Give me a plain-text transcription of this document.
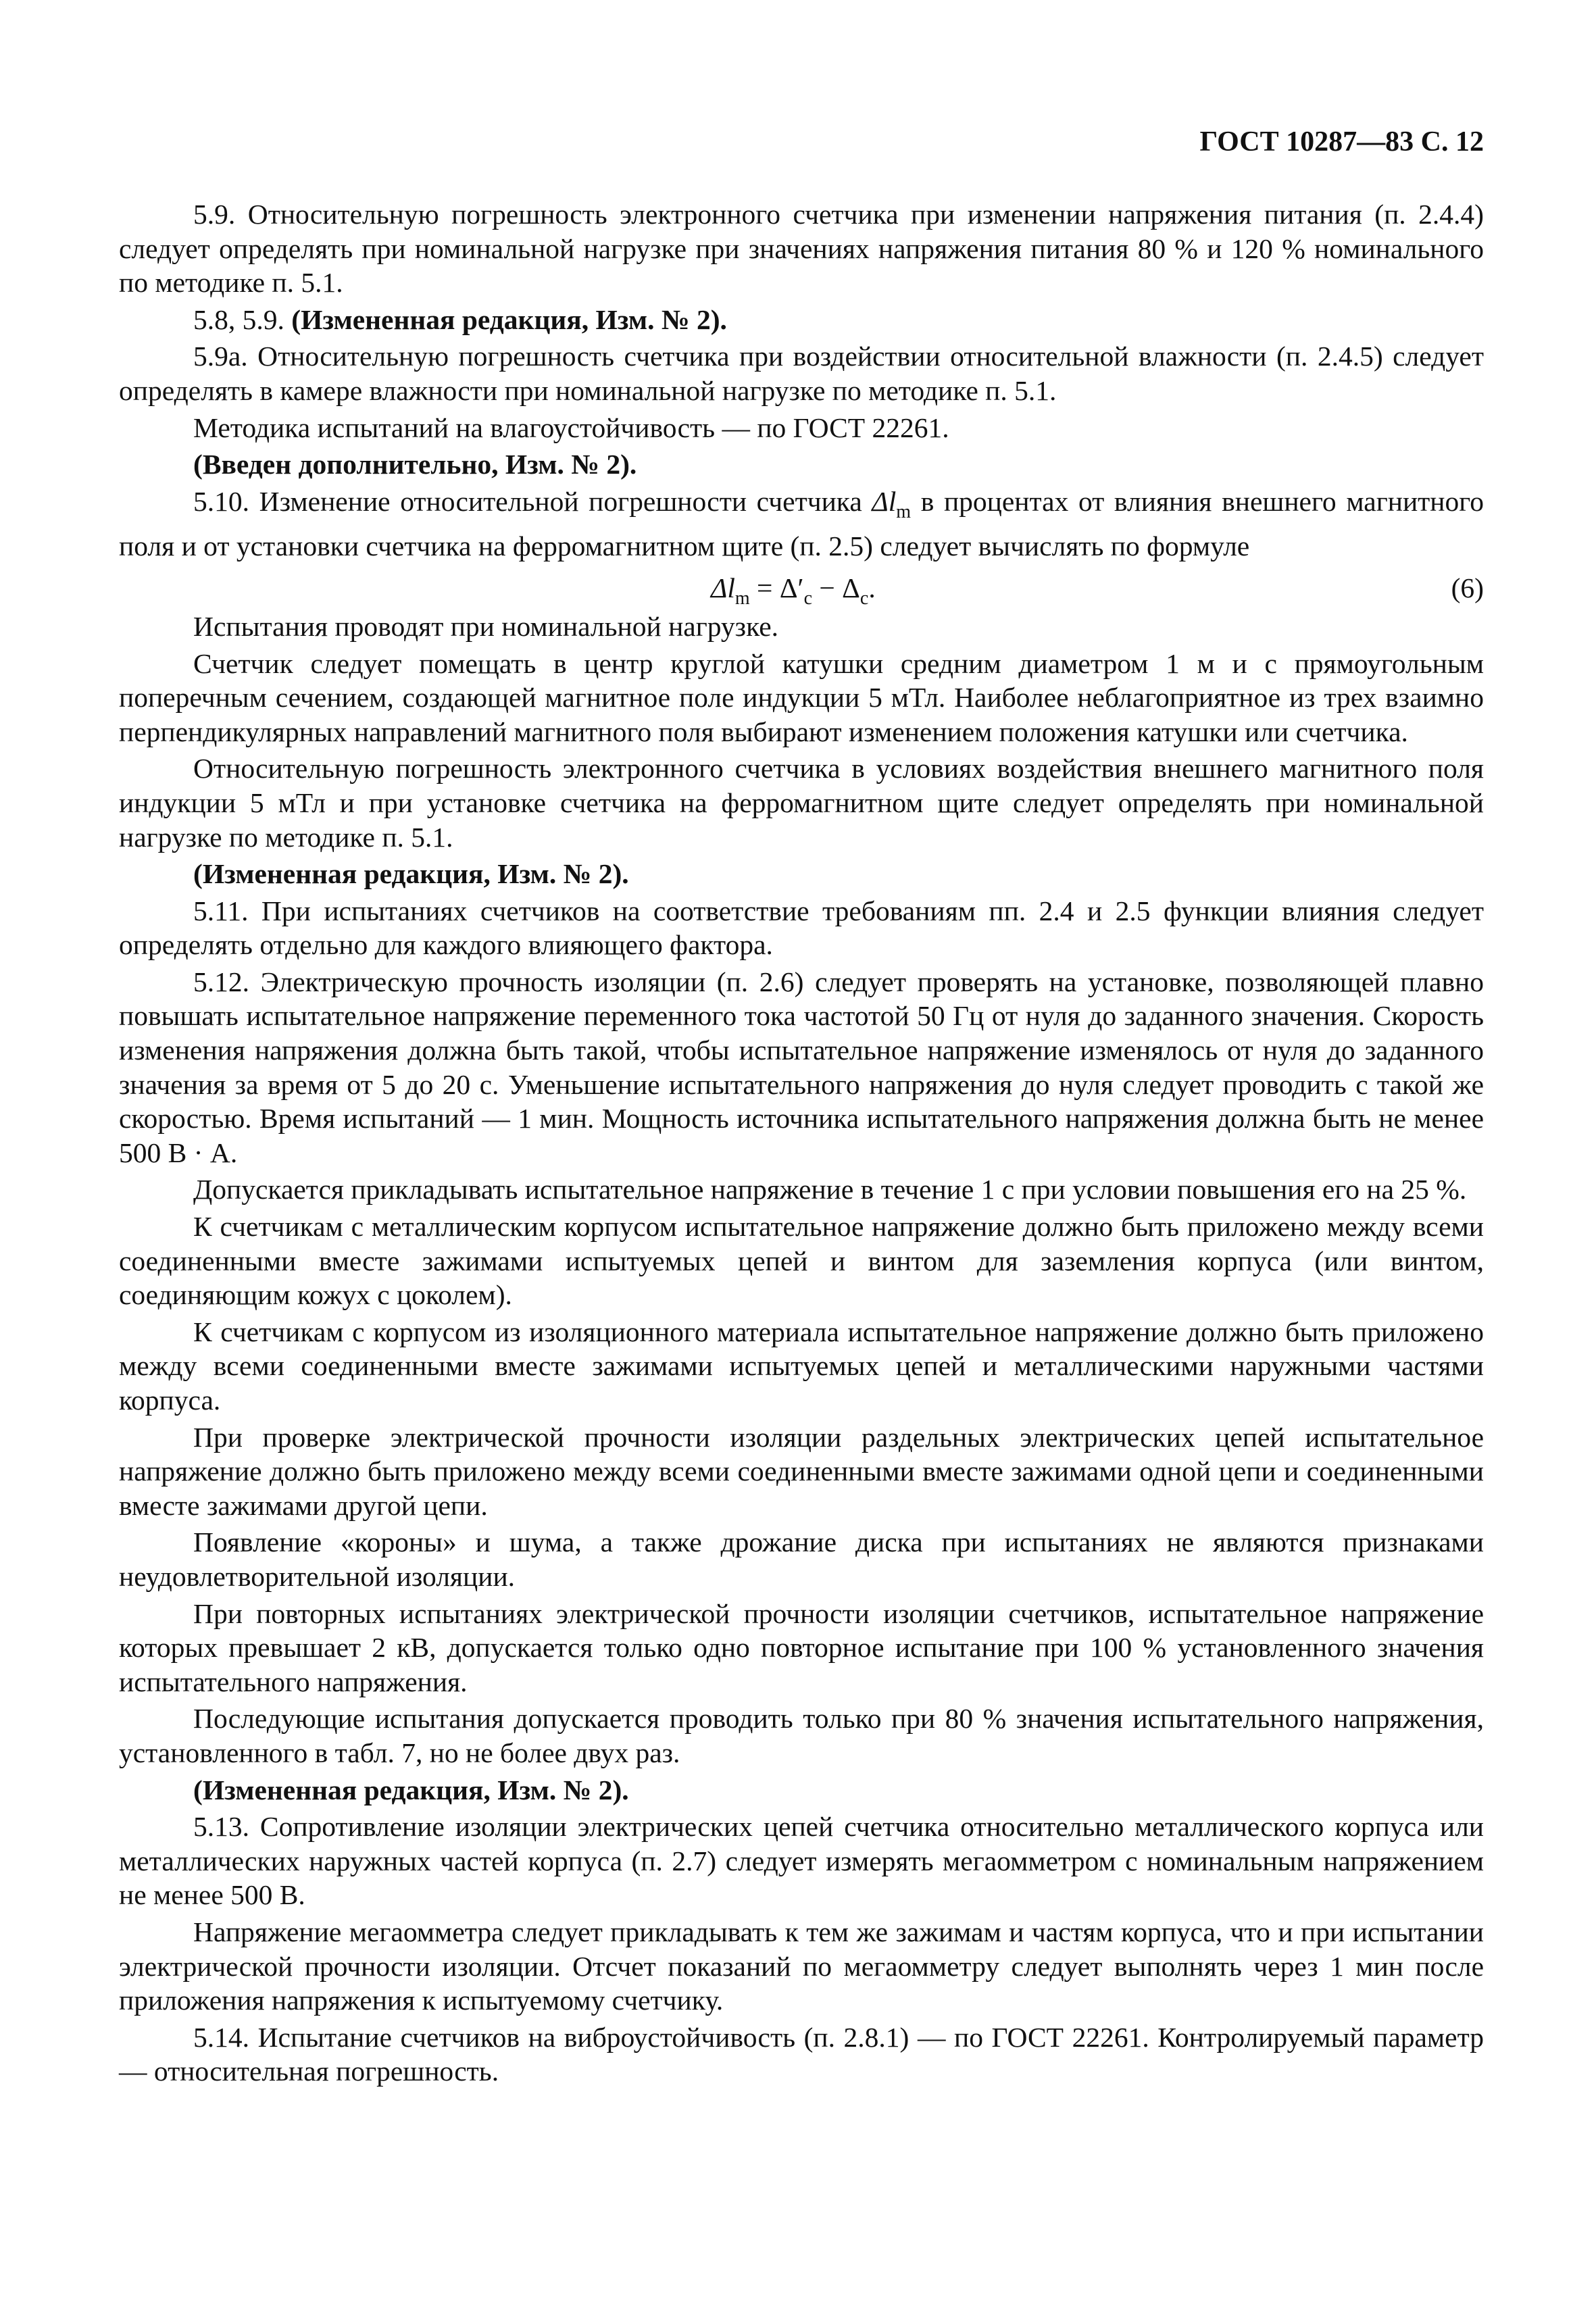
ГОСТ 10287—83 С. 12

5.9. Относительную погрешность электронного счетчика при изменении напряжения питания (п. 2.4.4) следует определять при номинальной нагрузке при значениях напряжения питания 80 % и 120 % номинального по методике п. 5.1.

5.8, 5.9. (Измененная редакция, Изм. № 2).

5.9а. Относительную погрешность счетчика при воздействии относительной влажности (п. 2.4.5) следует определять в камере влажности при номинальной нагрузке по методике п. 5.1.

Методика испытаний на влагоустойчивость — по ГОСТ 22261.

(Введен дополнительно, Изм. № 2).

5.10. Изменение относительной погрешности счетчика $\Delta l_m$ в процентах от влияния внешнего магнитного поля и от установки счетчика на ферромагнитном щите (п. 2.5) следует вычислять по формуле

$\Delta l_m = \Delta'_c - \Delta_c$.	(6)

Испытания проводят при номинальной нагрузке.

Счетчик следует помещать в центр круглой катушки средним диаметром 1 м и с прямоугольным поперечным сечением, создающей магнитное поле индукции 5 мТл. Наиболее неблагоприятное из трех взаимно перпендикулярных направлений магнитного поля выбирают изменением положения катушки или счетчика.

Относительную погрешность электронного счетчика в условиях воздействия внешнего магнитного поля индукции 5 мТл и при установке счетчика на ферромагнитном щите следует определять при номинальной нагрузке по методике п. 5.1.

(Измененная редакция, Изм. № 2).

5.11. При испытаниях счетчиков на соответствие требованиям пп. 2.4 и 2.5 функции влияния следует определять отдельно для каждого влияющего фактора.

5.12. Электрическую прочность изоляции (п. 2.6) следует проверять на установке, позволяющей плавно повышать испытательное напряжение переменного тока частотой 50 Гц от нуля до заданного значения. Скорость изменения напряжения должна быть такой, чтобы испытательное напряжение изменялось от нуля до заданного значения за время от 5 до 20 с. Уменьшение испытательного напряжения до нуля следует проводить с такой же скоростью. Время испытаний — 1 мин. Мощность источника испытательного напряжения должна быть не менее 500 В · А.

Допускается прикладывать испытательное напряжение в течение 1 с при условии повышения его на 25 %.

К счетчикам с металлическим корпусом испытательное напряжение должно быть приложено между всеми соединенными вместе зажимами испытуемых цепей и винтом для заземления корпуса (или винтом, соединяющим кожух с цоколем).

К счетчикам с корпусом из изоляционного материала испытательное напряжение должно быть приложено между всеми соединенными вместе зажимами испытуемых цепей и металлическими наружными частями корпуса.

При проверке электрической прочности изоляции раздельных электрических цепей испытательное напряжение должно быть приложено между всеми соединенными вместе зажимами одной цепи и соединенными вместе зажимами другой цепи.

Появление «короны» и шума, а также дрожание диска при испытаниях не являются признаками неудовлетворительной изоляции.

При повторных испытаниях электрической прочности изоляции счетчиков, испытательное напряжение которых превышает 2 кВ, допускается только одно повторное испытание при 100 % установленного значения испытательного напряжения.

Последующие испытания допускается проводить только при 80 % значения испытательного напряжения, установленного в табл. 7, но не более двух раз.

(Измененная редакция, Изм. № 2).

5.13. Сопротивление изоляции электрических цепей счетчика относительно металлического корпуса или металлических наружных частей корпуса (п. 2.7) следует измерять мегаомметром с номинальным напряжением не менее 500 В.

Напряжение мегаомметра следует прикладывать к тем же зажимам и частям корпуса, что и при испытании электрической прочности изоляции. Отсчет показаний по мегаомметру следует выполнять через 1 мин после приложения напряжения к испытуемому счетчику.

5.14. Испытание счетчиков на виброустойчивость (п. 2.8.1) — по ГОСТ 22261. Контролируемый параметр — относительная погрешность.
